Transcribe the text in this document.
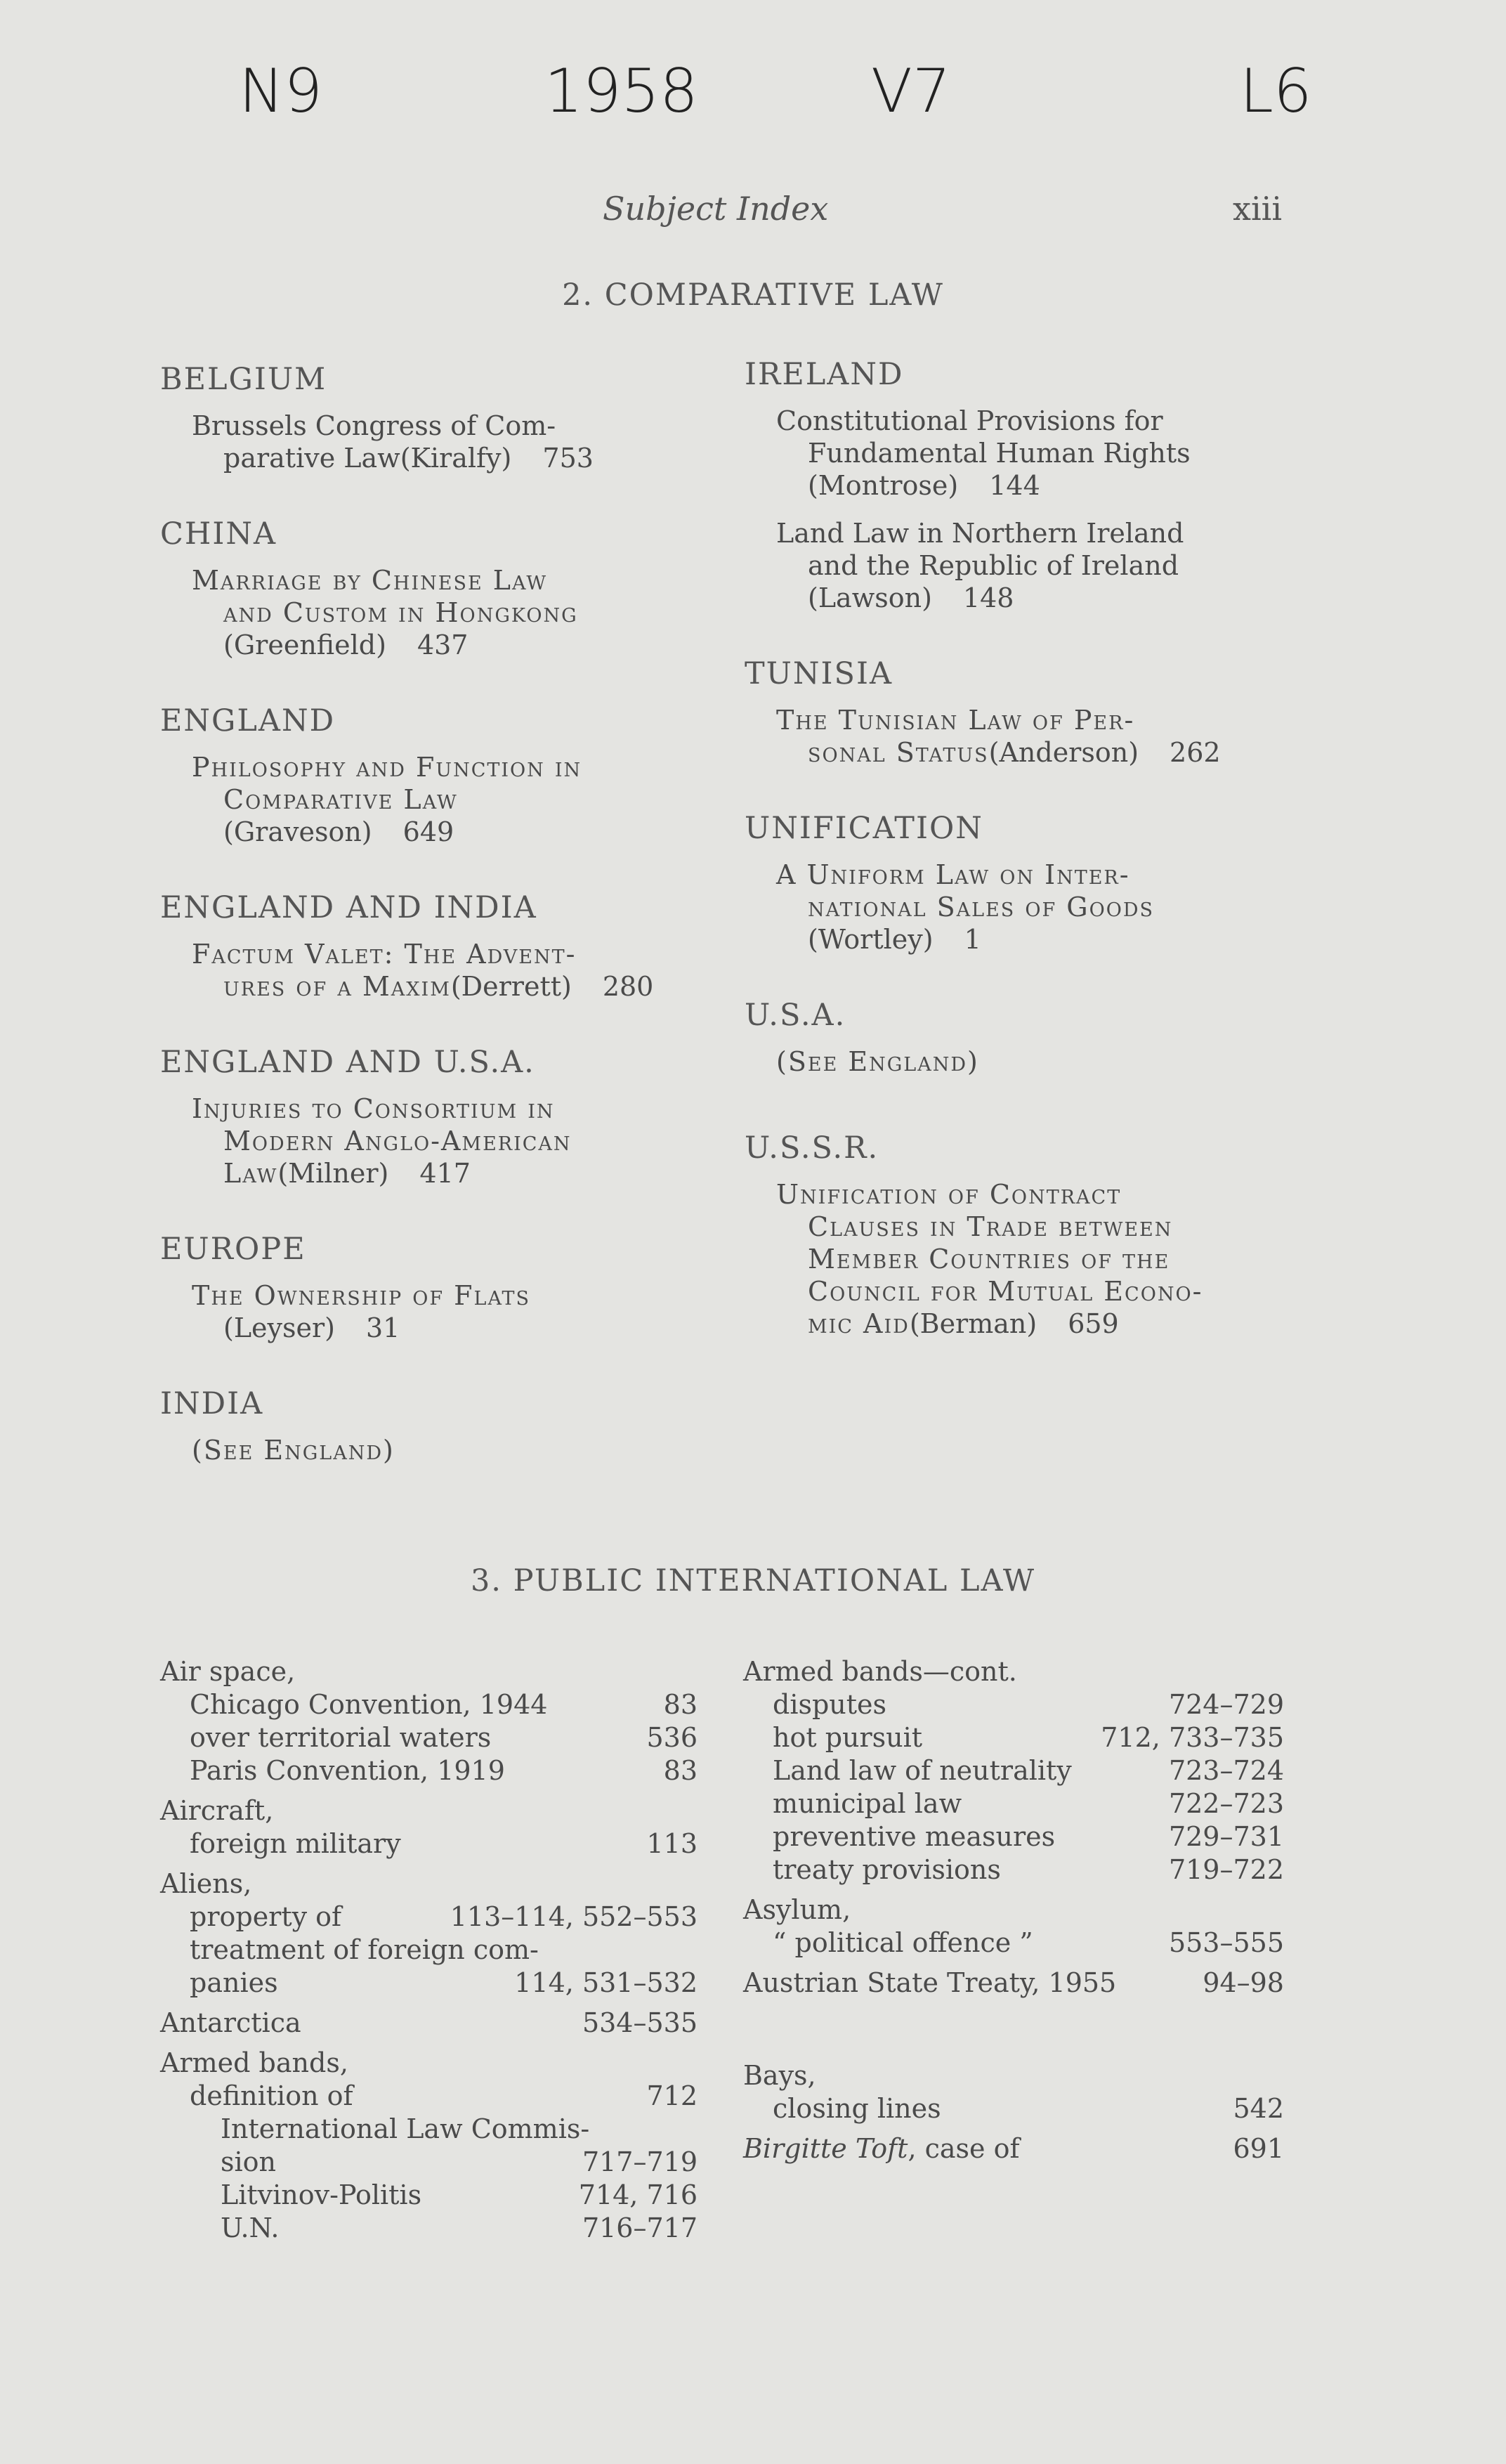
N9	1958	V7	L6
Subject Index	xiii
2. COMPARATIVE LAW
BELGIUM
Brussels Congress of Com-
parative Law(Kiralfy) 753
CHINA
Marriage by Chinese Law
and Custom in Hongkong
(Greenfield) 437
ENGLAND
Philosophy and Function in
Comparative Law
(Graveson) 649
ENGLAND AND INDIA
Factum Valet: The Advent-
ures of a Maxim(Derrett) 280
ENGLAND AND U.S.A.
Injuries to Consortium in
Modern Anglo-American
Law(Milner) 417
EUROPE
The Ownership of Flats
(Leyser) 31
INDIA
(See England)
IRELAND
Constitutional Provisions for
Fundamental Human Rights
(Montrose) 144
Land Law in Northern Ireland
and the Republic of Ireland
(Lawson) 148
TUNISIA
The Tunisian Law of Per-
sonal Status(Anderson) 262
UNIFICATION
A Uniform Law on Inter-
national Sales of Goods
(Wortley) 1
U.S.A.
(See England)
U.S.S.R.
Unification of Contract
Clauses in Trade between
Member Countries of the
Council for Mutual Econo-
mic Aid(Berman) 659
3. PUBLIC INTERNATIONAL LAW
Air space,
Chicago Convention, 1944	83
over territorial waters	536
Paris Convention, 1919	83
Aircraft,
foreign military	113
Aliens,
property of	113–114, 552–553
treatment of foreign com-
panies	114, 531–532
Antarctica	534–535
Armed bands,
definition of	712
International Law Commis-
sion	717–719
Litvinov-Politis	714, 716
U.N.	716–717
Armed bands—cont.
disputes	724–729
hot pursuit	712, 733–735
Land law of neutrality	723–724
municipal law	722–723
preventive measures	729–731
treaty provisions	719–722
Asylum,
“ political offence ”	553–555
Austrian State Treaty, 1955	94–98
Bays,
closing lines	542
Birgitte Toft, case of	691
